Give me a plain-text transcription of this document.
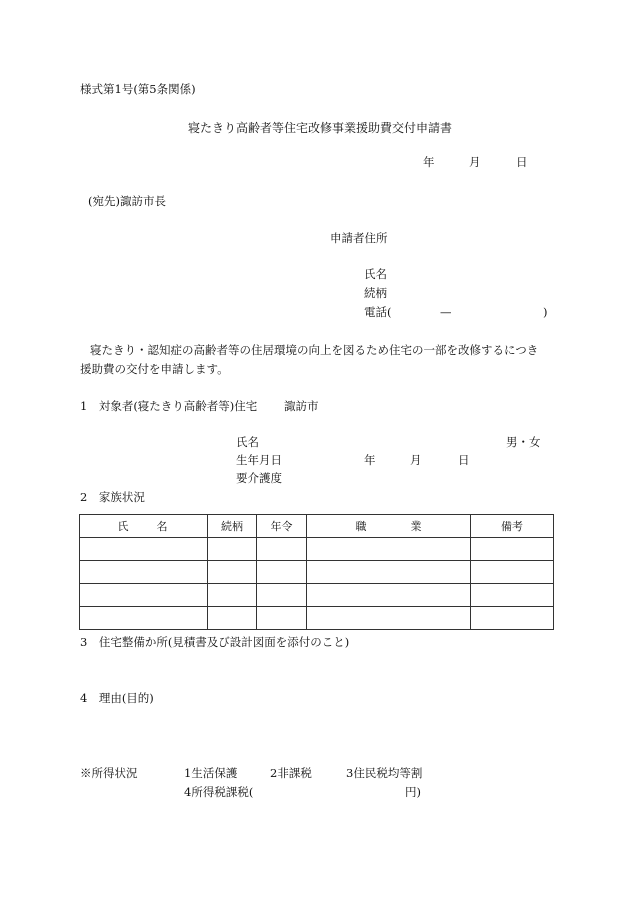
様式第1号(第5条関係)
寝たきり高齢者等住宅改修事業援助費交付申請書
年	月	日
(宛先)諏訪市長
申請者住所
氏名
続柄
電話(	—	)
寝たきり・認知症の高齢者等の住居環境の向上を図るため住宅の一部を改修するにつき
援助費の交付を申請します。
1　対象者(寝たきり高齢者等)住宅 諏訪市
氏名	男・女
生年月日	年	月	日
要介護度
2　家族状況
氏　　名	続柄	年令	職　　　　業	備考

3　住宅整備か所(見積書及び設計図面を添付のこと)
4　理由(目的)
※所得状況	1生活保護	2非課税	3住民税均等割
4所得税課税(	円)
